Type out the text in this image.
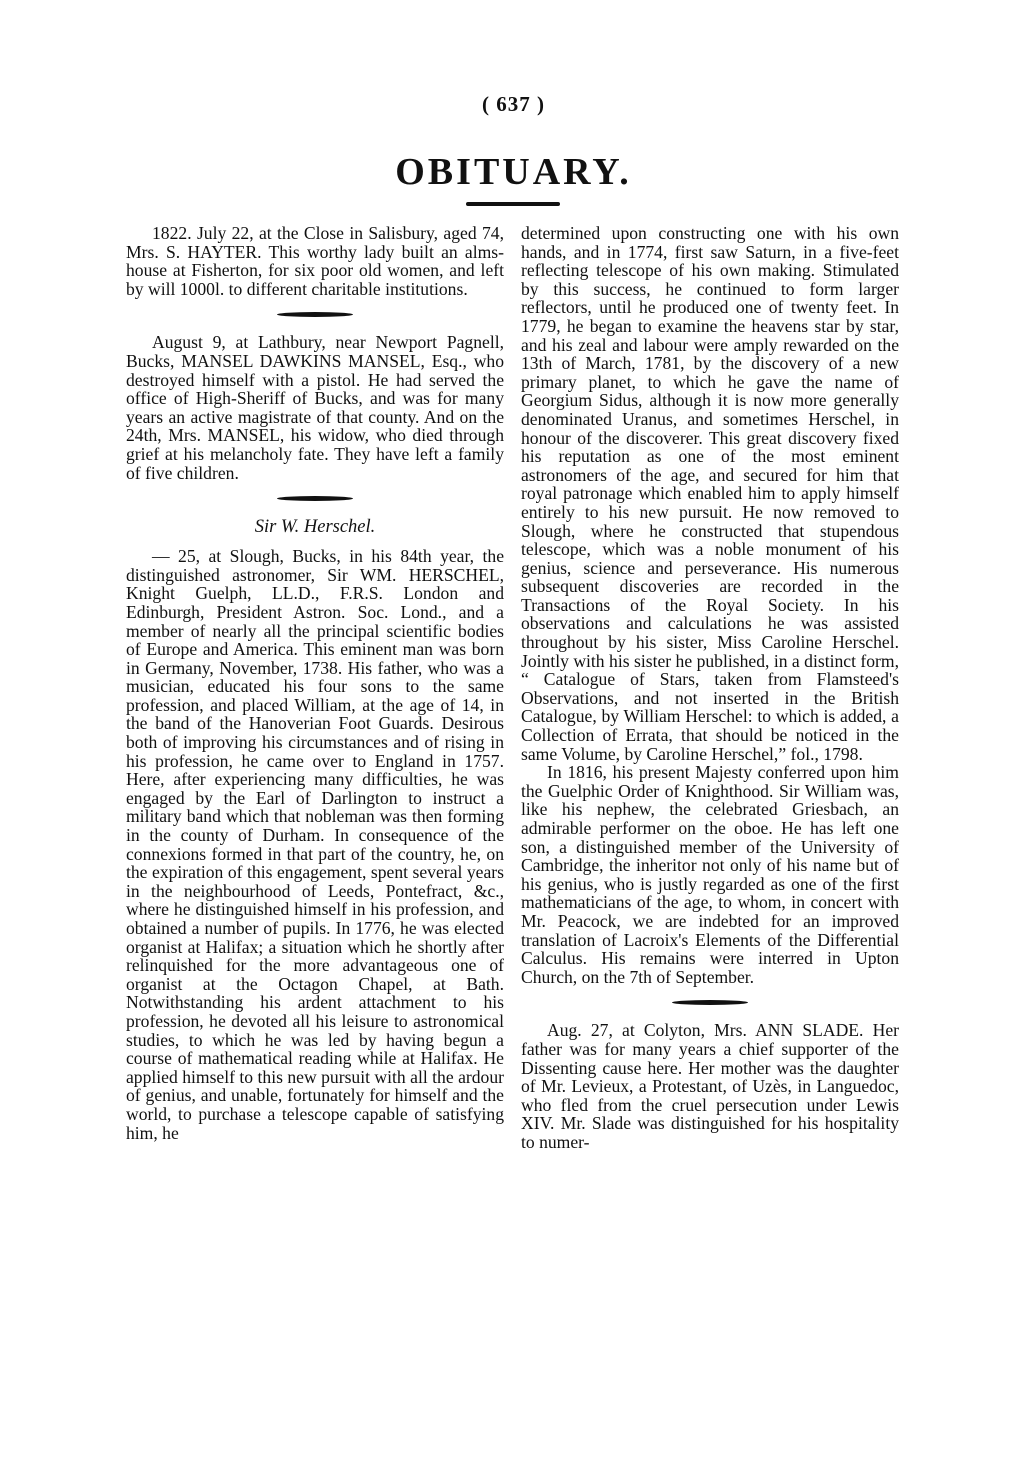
( 637 )
OBITUARY.

1822. July 22, at the Close in Salisbury, aged 74, Mrs. S. HAYTER. This worthy lady built an alms-house at Fisherton, for six poor old women, and left by will 1000l. to different charitable institutions.

August 9, at Lathbury, near Newport Pagnell, Bucks, MANSEL DAWKINS MANSEL, Esq., who destroyed himself with a pistol. He had served the office of High-Sheriff of Bucks, and was for many years an active magistrate of that county. And on the 24th, Mrs. MANSEL, his widow, who died through grief at his melancholy fate. They have left a family of five children.

Sir W. Herschel.

— 25, at Slough, Bucks, in his 84th year, the distinguished astronomer, Sir WM. HERSCHEL, Knight Guelph, LL.D., F.R.S. London and Edinburgh, President Astron. Soc. Lond., and a member of nearly all the principal scientific bodies of Europe and America. This eminent man was born in Germany, November, 1738. His father, who was a musician, educated his four sons to the same profession, and placed William, at the age of 14, in the band of the Hanoverian Foot Guards. Desirous both of improving his circumstances and of rising in his profession, he came over to England in 1757. Here, after experiencing many difficulties, he was engaged by the Earl of Darlington to instruct a military band which that nobleman was then forming in the county of Durham. In consequence of the connexions formed in that part of the country, he, on the expiration of this engagement, spent several years in the neighbourhood of Leeds, Pontefract, &c., where he distinguished himself in his profession, and obtained a number of pupils. In 1776, he was elected organist at Halifax; a situation which he shortly after relinquished for the more advantageous one of organist at the Octagon Chapel, at Bath. Notwithstanding his ardent attachment to his profession, he devoted all his leisure to astronomical studies, to which he was led by having begun a course of mathematical reading while at Halifax. He applied himself to this new pursuit with all the ardour of genius, and unable, fortunately for himself and the world, to purchase a telescope capable of satisfying him, he

determined upon constructing one with his own hands, and in 1774, first saw Saturn, in a five-feet reflecting telescope of his own making. Stimulated by this success, he continued to form larger reflectors, until he produced one of twenty feet. In 1779, he began to examine the heavens star by star, and his zeal and labour were amply rewarded on the 13th of March, 1781, by the discovery of a new primary planet, to which he gave the name of Georgium Sidus, although it is now more generally denominated Uranus, and sometimes Herschel, in honour of the discoverer. This great discovery fixed his reputation as one of the most eminent astronomers of the age, and secured for him that royal patronage which enabled him to apply himself entirely to his new pursuit. He now removed to Slough, where he constructed that stupendous telescope, which was a noble monument of his genius, science and perseverance. His numerous subsequent discoveries are recorded in the Transactions of the Royal Society. In his observations and calculations he was assisted throughout by his sister, Miss Caroline Herschel. Jointly with his sister he published, in a distinct form, “ Catalogue of Stars, taken from Flamsteed's Observations, and not inserted in the British Catalogue, by William Herschel: to which is added, a Collection of Errata, that should be noticed in the same Volume, by Caroline Herschel,” fol., 1798.

In 1816, his present Majesty conferred upon him the Guelphic Order of Knighthood. Sir William was, like his nephew, the celebrated Griesbach, an admirable performer on the oboe. He has left one son, a distinguished member of the University of Cambridge, the inheritor not only of his name but of his genius, who is justly regarded as one of the first mathematicians of the age, to whom, in concert with Mr. Peacock, we are indebted for an improved translation of Lacroix's Elements of the Differential Calculus. His remains were interred in Upton Church, on the 7th of September.

Aug. 27, at Colyton, Mrs. ANN SLADE. Her father was for many years a chief supporter of the Dissenting cause here. Her mother was the daughter of Mr. Levieux, a Protestant, of Uzès, in Languedoc, who fled from the cruel persecution under Lewis XIV. Mr. Slade was distinguished for his hospitality to numer-
